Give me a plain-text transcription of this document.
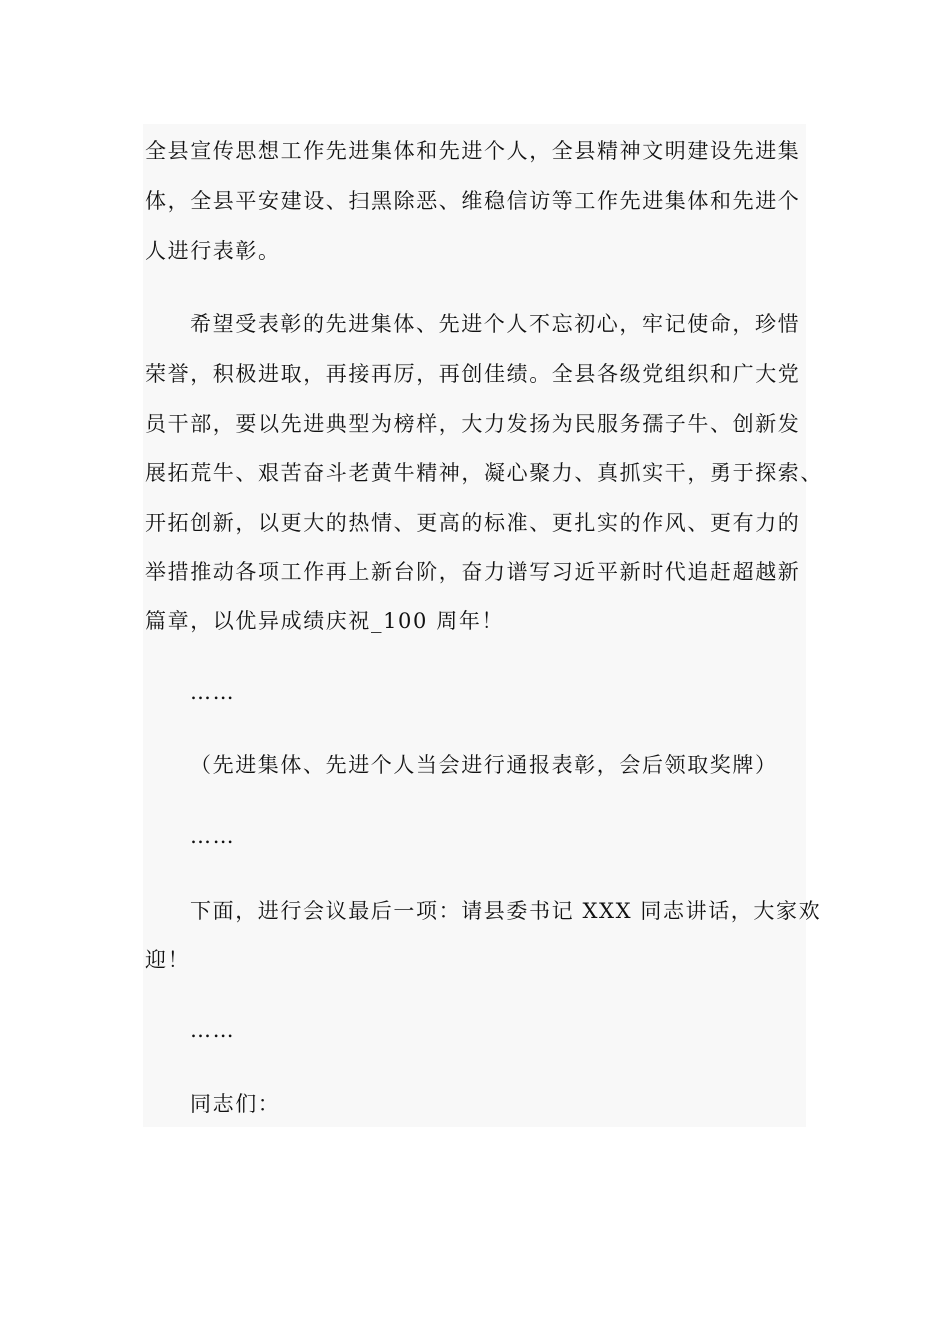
全县宣传思想工作先进集体和先进个人，全县精神文明建设先进集
体，全县平安建设、扫黑除恶、维稳信访等工作先进集体和先进个
人进行表彰。
希望受表彰的先进集体、先进个人不忘初心，牢记使命，珍惜
荣誉，积极进取，再接再厉，再创佳绩。全县各级党组织和广大党
员干部，要以先进典型为榜样，大力发扬为民服务孺子牛、创新发
展拓荒牛、艰苦奋斗老黄牛精神，凝心聚力、真抓实干，勇于探索、
开拓创新，以更大的热情、更高的标准、更扎实的作风、更有力的
举措推动各项工作再上新台阶，奋力谱写习近平新时代追赶超越新
篇章，以优异成绩庆祝_100 周年！
……
（先进集体、先进个人当会进行通报表彰，会后领取奖牌）
……
下面，进行会议最后一项：请县委书记 XXX 同志讲话，大家欢
迎！
……
同志们：
